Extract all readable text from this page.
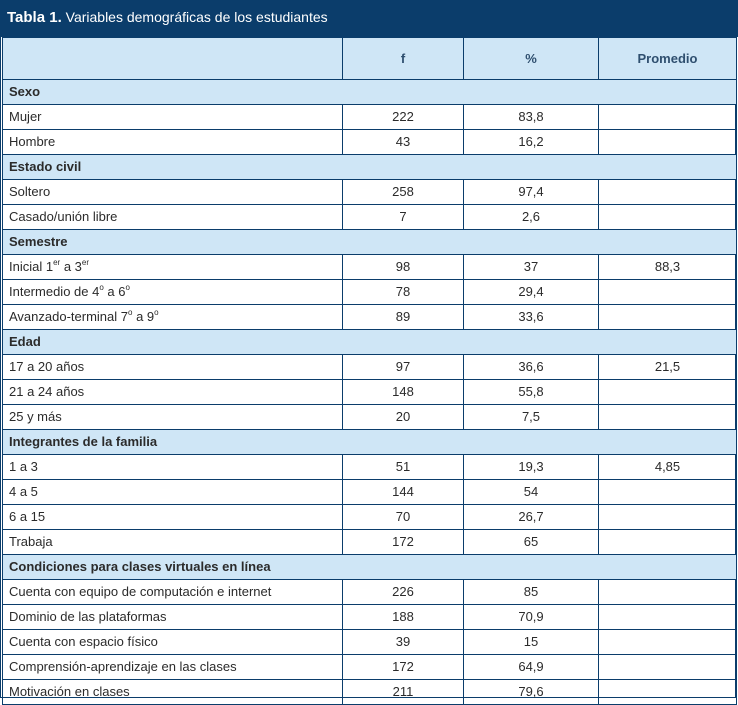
Tabla 1. Variables demográficas de los estudiantes
	f	%	Promedio
Sexo			
Mujer	222	83,8	
Hombre	43	16,2	
Estado civil			
Soltero	258	97,4	
Casado/unión libre	7	2,6	
Semestre			
Inicial 1er a 3er	98	37	88,3
Intermedio de 4$^o$ a 6$^o$	78	29,4	
Avanzado-terminal 7$^o$ a 9$^o$	89	33,6	
Edad			
17 a 20 años	97	36,6	21,5
21 a 24 años	148	55,8	
25 y más	20	7,5	
Integrantes de la familia			
1 a 3	51	19,3	4,85
4 a 5	144	54	
6 a 15	70	26,7	
Trabaja	172	65	
Condiciones para clases virtuales en línea			
Cuenta con equipo de computación e internet	226	85	
Dominio de las plataformas	188	70,9	
Cuenta con espacio físico	39	15	
Comprensión-aprendizaje en las clases	172	64,9	
Motivación en clases	211	79,6	
